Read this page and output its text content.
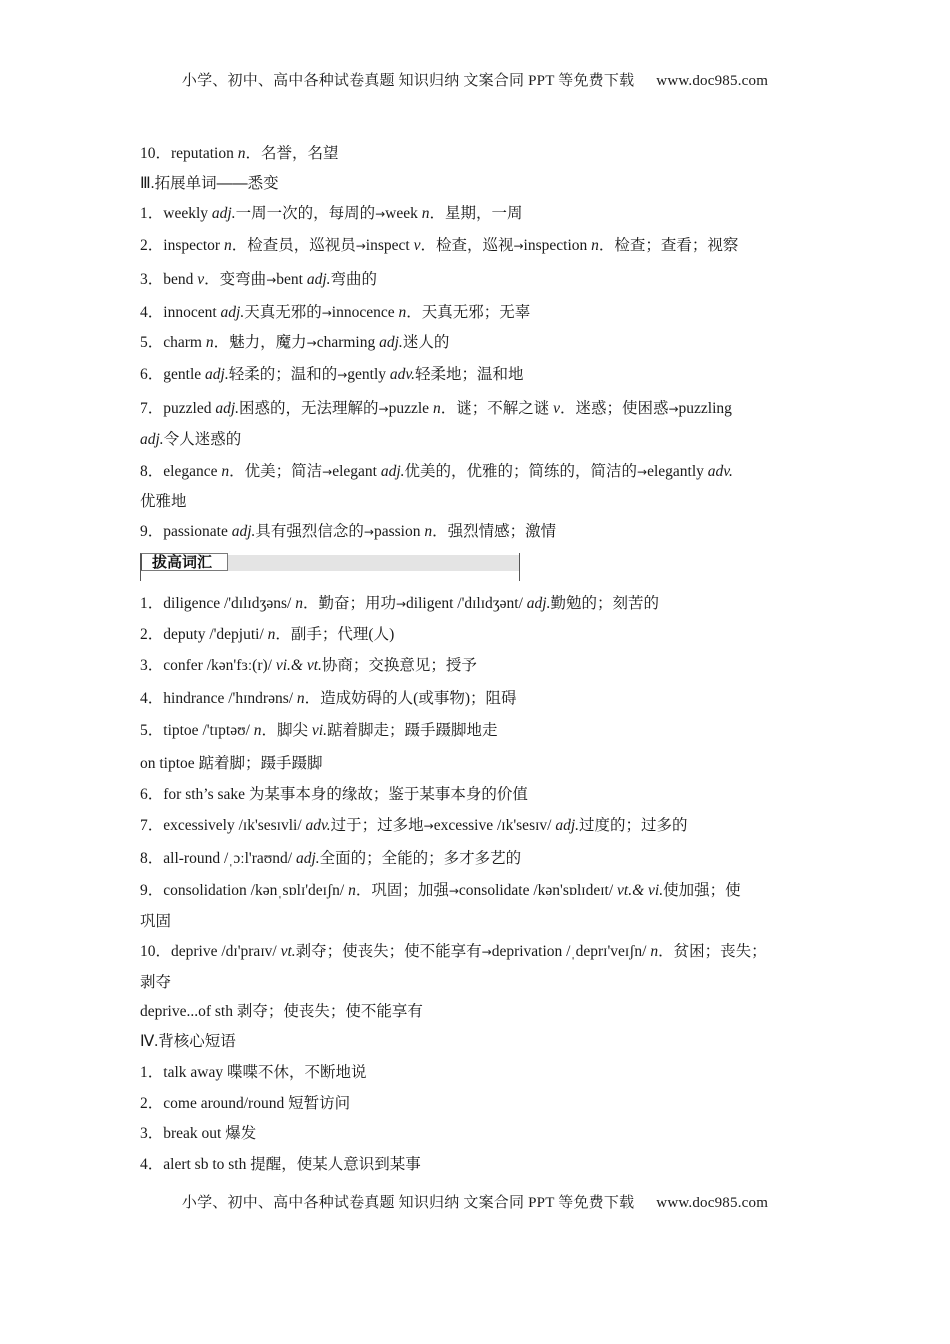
小学、初中、高中各种试卷真题 知识归纳 文案合同 PPT 等免费下载 www.doc985.com
10．reputation n．名誉，名望
Ⅲ.拓展单词——悉变
1．weekly adj.一周一次的，每周的→week n．星期，一周
2．inspector n．检查员，巡视员→inspect v．检查，巡视→inspection n．检查；查看；视察
3．bend v．变弯曲→bent adj.弯曲的
4．innocent adj.天真无邪的→innocence n．天真无邪；无辜
5．charm n．魅力，魔力→charming adj.迷人的
6．gentle adj.轻柔的；温和的→gently adv.轻柔地；温和地
7．puzzled adj.困惑的，无法理解的→puzzle n．谜；不解之谜 v．迷惑；使困惑→puzzling
adj.令人迷惑的
8．elegance n．优美；简洁→elegant adj.优美的，优雅的；简练的，简洁的→elegantly adv.
优雅地
9．passionate adj.具有强烈信念的→passion n．强烈情感；激情
1．diligence /'dɪlɪdʒəns/ n．勤奋；用功→diligent /'dɪlɪdʒənt/ adj.勤勉的；刻苦的
2．deputy /'depjuti/ n．副手；代理(人)
3．confer /kən'fɜː(r)/ vi.& vt.协商；交换意见；授予
4．hindrance /'hɪndrəns/ n．造成妨碍的人(或事物)；阻碍
5．tiptoe /'tɪptəʊ/ n．脚尖 vi.踮着脚走；蹑手蹑脚地走
on tiptoe 踮着脚；蹑手蹑脚
6．for sth’s sake 为某事本身的缘故；鉴于某事本身的价值
7．excessively /ɪk'sesɪvli/ adv.过于；过多地→excessive /ɪk'sesɪv/ adj.过度的；过多的
8．all-round /ˌɔːl'raʊnd/ adj.全面的；全能的；多才多艺的
9．consolidation /kənˌsɒlɪ'deɪʃn/ n．巩固；加强→consolidate /kən'sɒlɪdeɪt/ vt.& vi.使加强；使
巩固
10．deprive /dɪ'praɪv/ vt.剥夺；使丧失；使不能享有→deprivation /ˌdeprɪ'veɪʃn/ n．贫困；丧失；
剥夺
deprive...of sth 剥夺；使丧失；使不能享有
Ⅳ.背核心短语
1．talk away 喋喋不休，不断地说
2．come around/round 短暂访问
3．break out 爆发
4．alert sb to sth 提醒，使某人意识到某事
拔高词汇
小学、初中、高中各种试卷真题 知识归纳 文案合同 PPT 等免费下载 www.doc985.com
